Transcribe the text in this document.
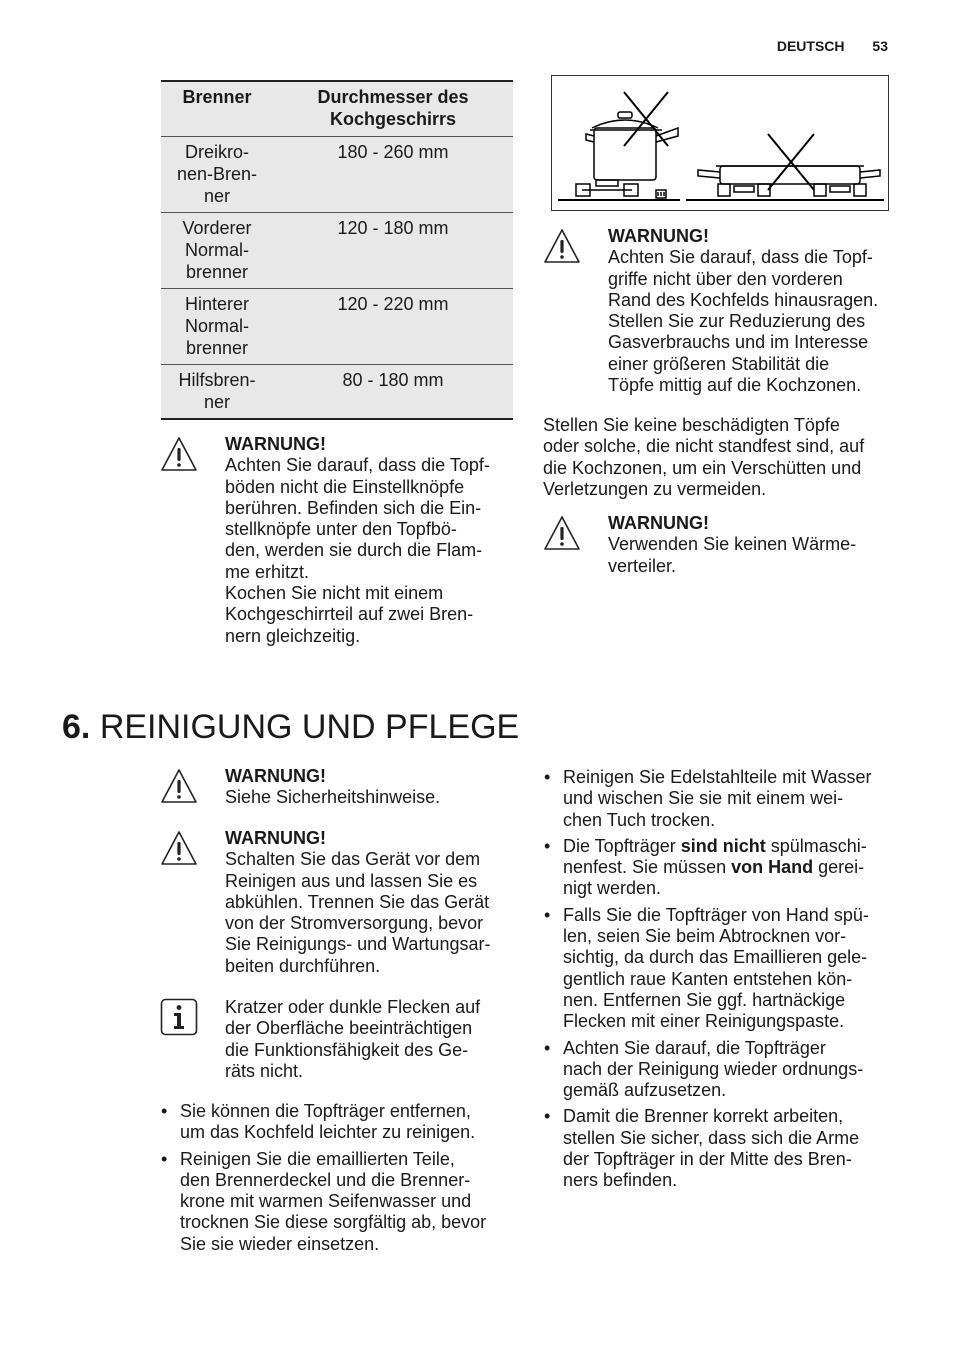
DEUTSCH 53
Brenner	Durchmesser des Kochgeschirrs
Dreikro-
nen-Bren-
ner	180 - 260 mm
Vorderer
Normal-
brenner	120 - 180 mm
Hinterer
Normal-
brenner	120 - 220 mm
Hilfsbren-
ner	80 - 180 mm

WARNUNG!

Achten Sie darauf, dass die Topf-

böden nicht die Einstellknöpfe

berühren. Befinden sich die Ein-

stellknöpfe unter den Topfbö-

den, werden sie durch die Flam-

me erhitzt.

Kochen Sie nicht mit einem

Kochgeschirrteil auf zwei Bren-

nern gleichzeitig.

WARNUNG!

Achten Sie darauf, dass die Topf-

griffe nicht über den vorderen

Rand des Kochfelds hinausragen.

Stellen Sie zur Reduzierung des

Gasverbrauchs und im Interesse

einer größeren Stabilität die

Töpfe mittig auf die Kochzonen.

Stellen Sie keine beschädigten Töpfe

oder solche, die nicht standfest sind, auf

die Kochzonen, um ein Verschütten und

Verletzungen zu vermeiden.

WARNUNG!

Verwenden Sie keinen Wärme-

verteiler.

6. REINIGUNG UND PFLEGE

WARNUNG!

Siehe Sicherheitshinweise.

WARNUNG!

Schalten Sie das Gerät vor dem

Reinigen aus und lassen Sie es

abkühlen. Trennen Sie das Gerät

von der Stromversorgung, bevor

Sie Reinigungs- und Wartungsar-

beiten durchführen.

Kratzer oder dunkle Flecken auf

der Oberfläche beeinträchtigen

die Funktionsfähigkeit des Ge-

räts nicht.

• Sie können die Topfträger entfernen,
um das Kochfeld leichter zu reinigen.
• Reinigen Sie die emaillierten Teile,
den Brennerdeckel und die Brenner-
krone mit warmen Seifenwasser und
trocknen Sie diese sorgfältig ab, bevor
Sie sie wieder einsetzen.
• Reinigen Sie Edelstahlteile mit Wasser
und wischen Sie sie mit einem wei-
chen Tuch trocken.
• Die Topfträger sind nicht spülmaschi-
nenfest. Sie müssen von Hand gerei-
nigt werden.
• Falls Sie die Topfträger von Hand spü-
len, seien Sie beim Abtrocknen vor-
sichtig, da durch das Emaillieren gele-
gentlich raue Kanten entstehen kön-
nen. Entfernen Sie ggf. hartnäckige
Flecken mit einer Reinigungspaste.
• Achten Sie darauf, die Topfträger
nach der Reinigung wieder ordnungs-
gemäß aufzusetzen.
• Damit die Brenner korrekt arbeiten,
stellen Sie sicher, dass sich die Arme
der Topfträger in der Mitte des Bren-
ners befinden.
